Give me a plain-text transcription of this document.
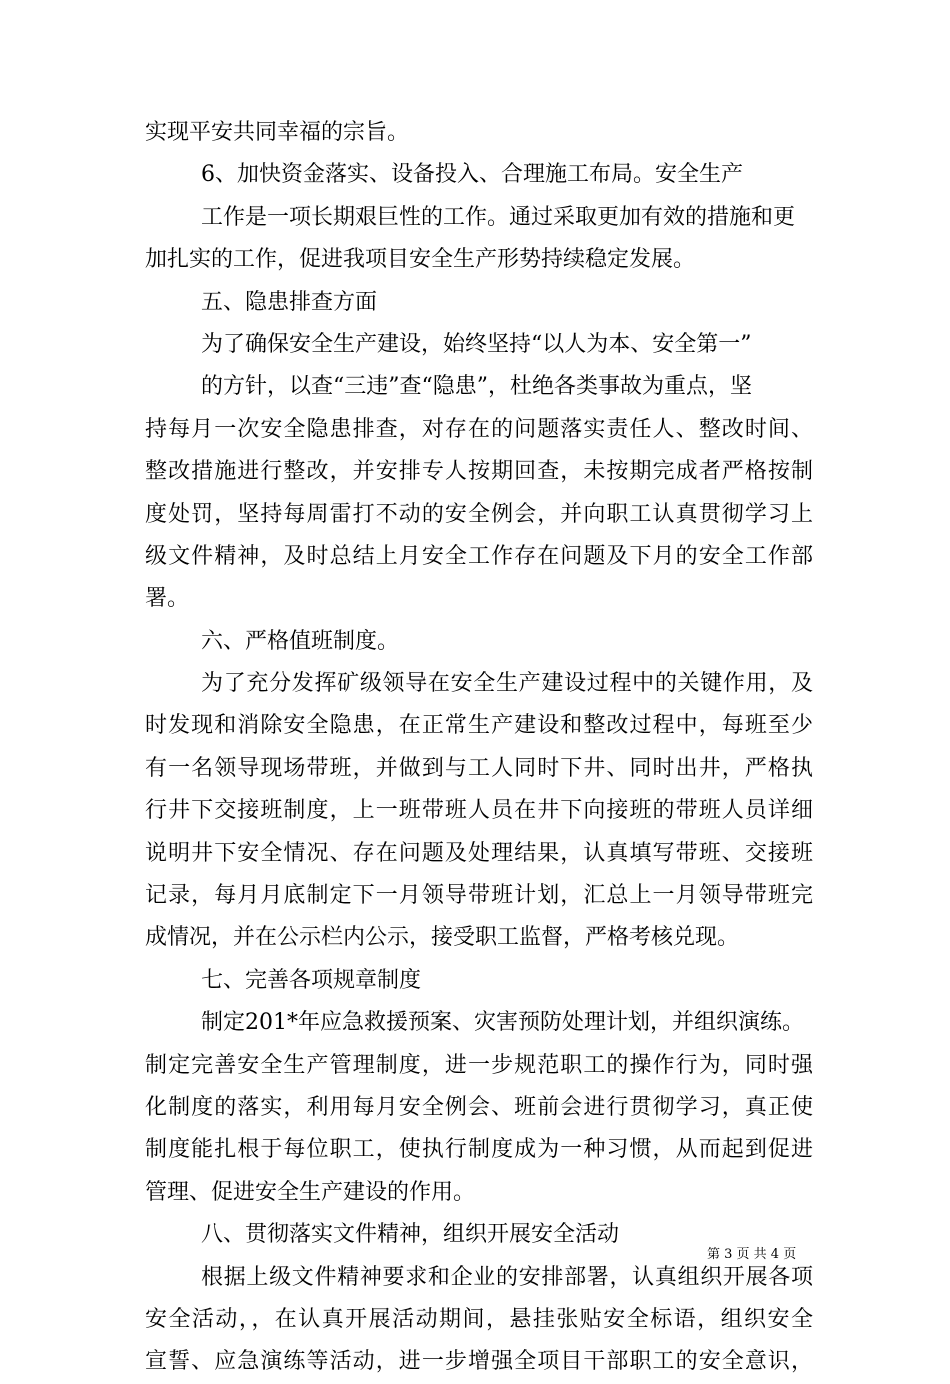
实现平安共同幸福的宗旨。
6、加快资金落实、设备投入、合理施工布局。安全生产
工作是一项长期艰巨性的工作。通过采取更加有效的措施和更
加扎实的工作，促进我项目安全生产形势持续稳定发展。
五、隐患排查方面
为了确保安全生产建设，始终坚持“以人为本、安全第一”
的方针，以查“三违”查“隐患”，杜绝各类事故为重点，坚
持每月一次安全隐患排查，对存在的问题落实责任人、整改时间、
整改措施进行整改，并安排专人按期回查，未按期完成者严格按制
度处罚，坚持每周雷打不动的安全例会，并向职工认真贯彻学习上
级文件精神，及时总结上月安全工作存在问题及下月的安全工作部
署。
六、严格值班制度。
为了充分发挥矿级领导在安全生产建设过程中的关键作用，及
时发现和消除安全隐患，在正常生产建设和整改过程中，每班至少
有一名领导现场带班，并做到与工人同时下井、同时出井，严格执
行井下交接班制度，上一班带班人员在井下向接班的带班人员详细
说明井下安全情况、存在问题及处理结果，认真填写带班、交接班
记录，每月月底制定下一月领导带班计划，汇总上一月领导带班完
成情况，并在公示栏内公示，接受职工监督，严格考核兑现。
七、完善各项规章制度
制定201*年应急救援预案、灾害预防处理计划，并组织演练。
制定完善安全生产管理制度，进一步规范职工的操作行为，同时强
化制度的落实，利用每月安全例会、班前会进行贯彻学习，真正使
制度能扎根于每位职工，使执行制度成为一种习惯，从而起到促进
管理、促进安全生产建设的作用。
八、贯彻落实文件精神，组织开展安全活动
根据上级文件精神要求和企业的安排部署，认真组织开展各项
安全活动，，在认真开展活动期间，悬挂张贴安全标语，组织安全
宣誓、应急演练等活动，进一步增强全项目干部职工的安全意识，
第 3 页 共 4 页
